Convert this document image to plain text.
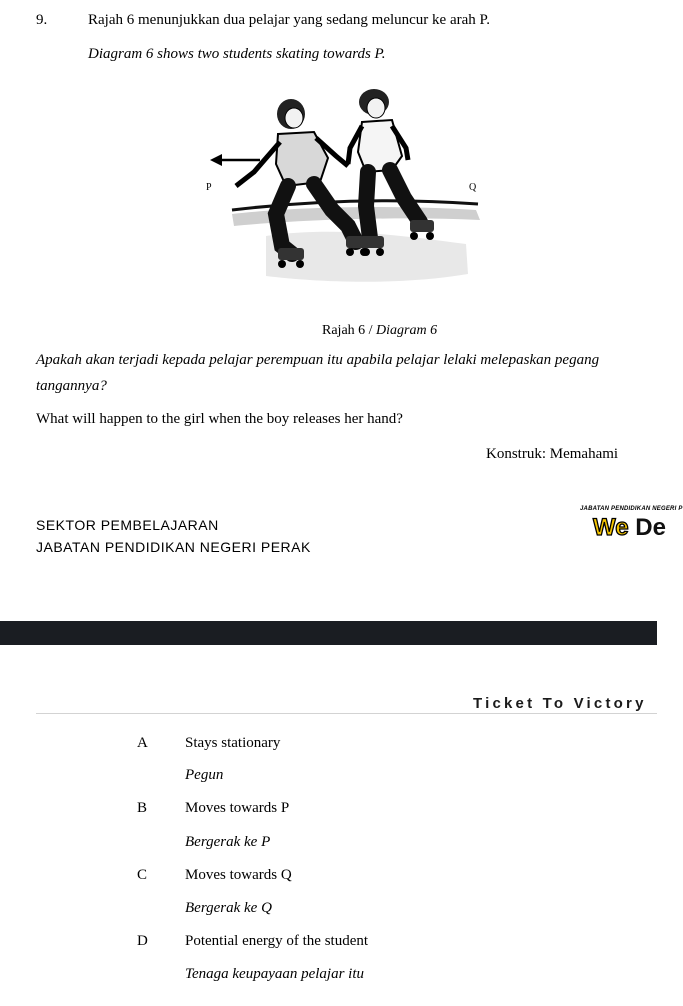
9.	Rajah 6 menunjukkan dua pelajar yang sedang meluncur ke arah P.
Diagram 6 shows two students skating towards P.
P	Q
Rajah 6 / Diagram 6
Apakah akan terjadi kepada pelajar perempuan itu apabila pelajar lelaki melepaskan pegang
tangannya?
What will happen to the girl when the boy releases her hand?
Konstruk: Memahami
SEKTOR PEMBELAJARAN
JABATAN PENDIDIKAN NEGERI PERAK
JABATAN PENDIDIKAN NEGERI P
We De
Ticket To Victory
A Stays stationary
Pegun
B	Moves towards P
Bergerak ke P
C	Moves towards Q
Bergerak ke Q
D Potential energy of the student
Tenaga keupayaan pelajar itu
